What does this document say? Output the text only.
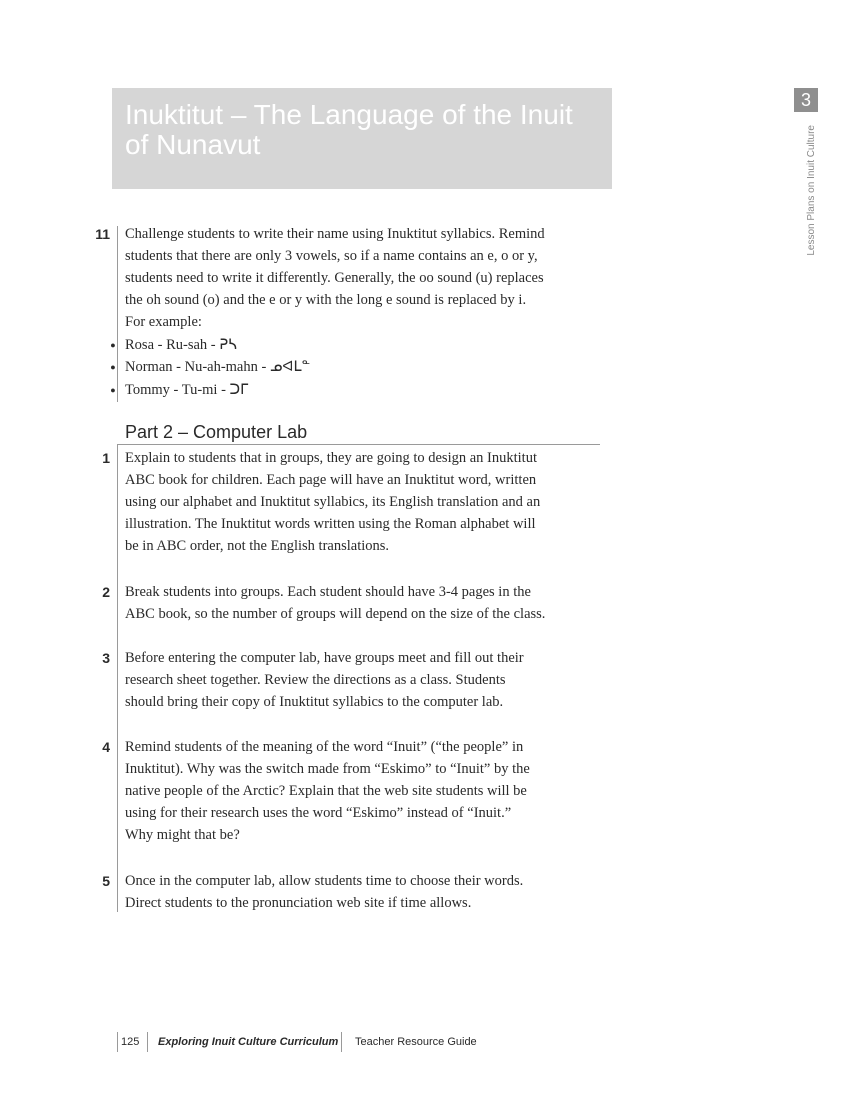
Inuktitut – The Language of the Inuit
of Nunavut
3
Lesson Plans on Inuit Culture
11 Challenge students to write their name using Inuktitut syllabics. Remind
students that there are only 3 vowels, so if a name contains an e, o or y,
students need to write it differently. Generally, the oo sound (u) replaces
the oh sound (o) and the e or y with the long e sound is replaced by i.
For example:
● Rosa - Ru-sah - ᕈᓴ
● Norman - Nu-ah-mahn - ᓄᐊᒪᓐ
● Tommy - Tu-mi - ᑐᒥ
Part 2 – Computer Lab
1 Explain to students that in groups, they are going to design an Inuktitut
ABC book for children. Each page will have an Inuktitut word, written
using our alphabet and Inuktitut syllabics, its English translation and an
illustration. The Inuktitut words written using the Roman alphabet will
be in ABC order, not the English translations.
2 Break students into groups. Each student should have 3-4 pages in the
ABC book, so the number of groups will depend on the size of the class.
3 Before entering the computer lab, have groups meet and fill out their
research sheet together. Review the directions as a class. Students
should bring their copy of Inuktitut syllabics to the computer lab.
4 Remind students of the meaning of the word “Inuit” (“the people” in
Inuktitut). Why was the switch made from “Eskimo” to “Inuit” by the
native people of the Arctic? Explain that the web site students will be
using for their research uses the word “Eskimo” instead of “Inuit.”
Why might that be?
5 Once in the computer lab, allow students time to choose their words.
Direct students to the pronunciation web site if time allows.
125 Exploring Inuit Culture Curriculum Teacher Resource Guide
